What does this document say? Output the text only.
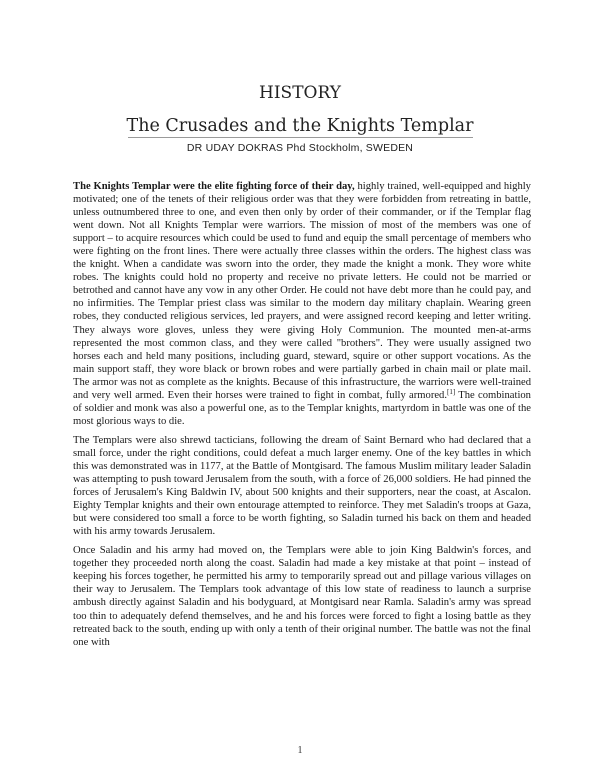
HISTORY
The Crusades and the Knights Templar
DR UDAY DOKRAS Phd Stockholm, SWEDEN

The Knights Templar were the elite fighting force of their day, highly trained, well-equipped and highly motivated; one of the tenets of their religious order was that they were forbidden from retreating in battle, unless outnumbered three to one, and even then only by order of their commander, or if the Templar flag went down. Not all Knights Templar were warriors. The mission of most of the members was one of support – to acquire resources which could be used to fund and equip the small percentage of members who were fighting on the front lines. There were actually three classes within the orders. The highest class was the knight. When a candidate was sworn into the order, they made the knight a monk. They wore white robes. The knights could hold no property and receive no private letters. He could not be married or betrothed and cannot have any vow in any other Order. He could not have debt more than he could pay, and no infirmities. The Templar priest class was similar to the modern day military chaplain. Wearing green robes, they conducted religious services, led prayers, and were assigned record keeping and letter writing. They always wore gloves, unless they were giving Holy Communion. The mounted men-at-arms represented the most common class, and they were called "brothers". They were usually assigned two horses each and held many positions, including guard, steward, squire or other support vocations. As the main support staff, they wore black or brown robes and were partially garbed in chain mail or plate mail. The armor was not as complete as the knights. Because of this infrastructure, the warriors were well-trained and very well armed. Even their horses were trained to fight in combat, fully armored.[1] The combination of soldier and monk was also a powerful one, as to the Templar knights, martyrdom in battle was one of the most glorious ways to die.

The Templars were also shrewd tacticians, following the dream of Saint Bernard who had declared that a small force, under the right conditions, could defeat a much larger enemy. One of the key battles in which this was demonstrated was in 1177, at the Battle of Montgisard. The famous Muslim military leader Saladin was attempting to push toward Jerusalem from the south, with a force of 26,000 soldiers. He had pinned the forces of Jerusalem's King Baldwin IV, about 500 knights and their supporters, near the coast, at Ascalon. Eighty Templar knights and their own entourage attempted to reinforce. They met Saladin's troops at Gaza, but were considered too small a force to be worth fighting, so Saladin turned his back on them and headed with his army towards Jerusalem.

Once Saladin and his army had moved on, the Templars were able to join King Baldwin's forces, and together they proceeded north along the coast. Saladin had made a key mistake at that point – instead of keeping his forces together, he permitted his army to temporarily spread out and pillage various villages on their way to Jerusalem. The Templars took advantage of this low state of readiness to launch a surprise ambush directly against Saladin and his bodyguard, at Montgisard near Ramla. Saladin's army was spread too thin to adequately defend themselves, and he and his forces were forced to fight a losing battle as they retreated back to the south, ending up with only a tenth of their original number. The battle was not the final one with

1
